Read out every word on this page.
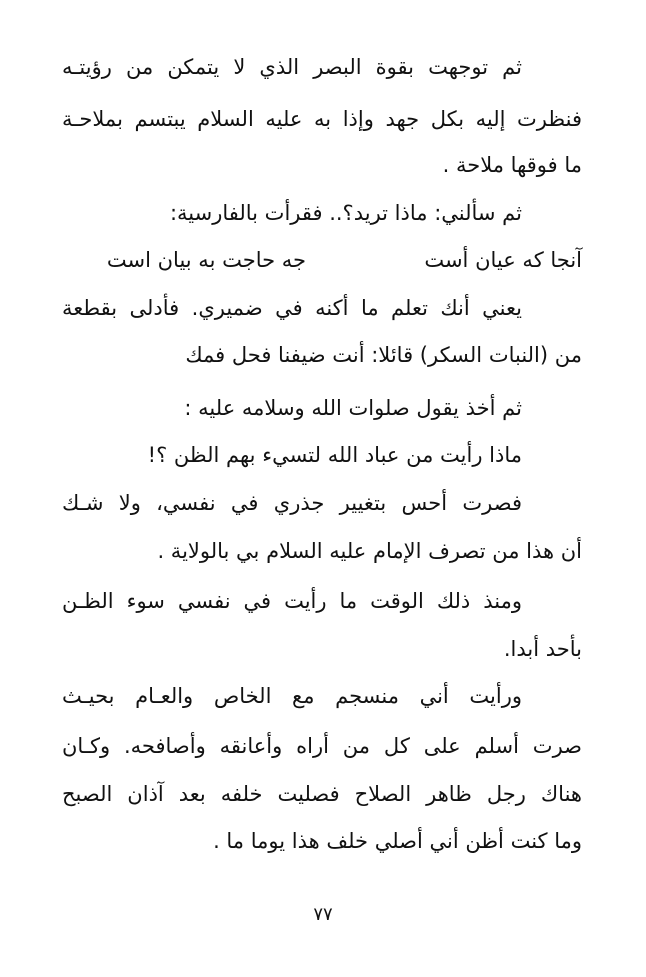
ثم توجهت بقوة البصر الذي لا يتمكن من رؤيتـه
فنظرت إليه بكل جهد وإذا به عليه السلام يبتسم بملاحـة
ما فوقها ملاحة .
ثم سألني: ماذا تريد؟.. فقرأت بالفارسية:
آنجا كه عيان أست
جه حاجت به بيان است
يعني أنك تعلم ما أكنه في ضميري. فأدلى بقطعة
من (النبات السكر) قائلا: أنت ضيفنا فحل فمك
ثم أخذ يقول صلوات الله وسلامه عليه :
ماذا رأيت من عباد الله لتسيء بهم الظن ؟!
فصرت أحس بتغيير جذري في نفسي، ولا شـك
أن هذا من تصرف الإمام عليه السلام بي بالولاية .
ومنذ ذلك الوقت ما رأيت في نفسي سوء الظـن
بأحد أبدا.
ورأيت أني منسجم مع الخاص والعـام بحيـث
صرت أسلم على كل من أراه وأعانقه وأصافحه. وكـان
هناك رجل ظاهر الصلاح فصليت خلفه بعد آذان الصبح
وما كنت أظن أني أصلي خلف هذا يوما ما .
٧٧
